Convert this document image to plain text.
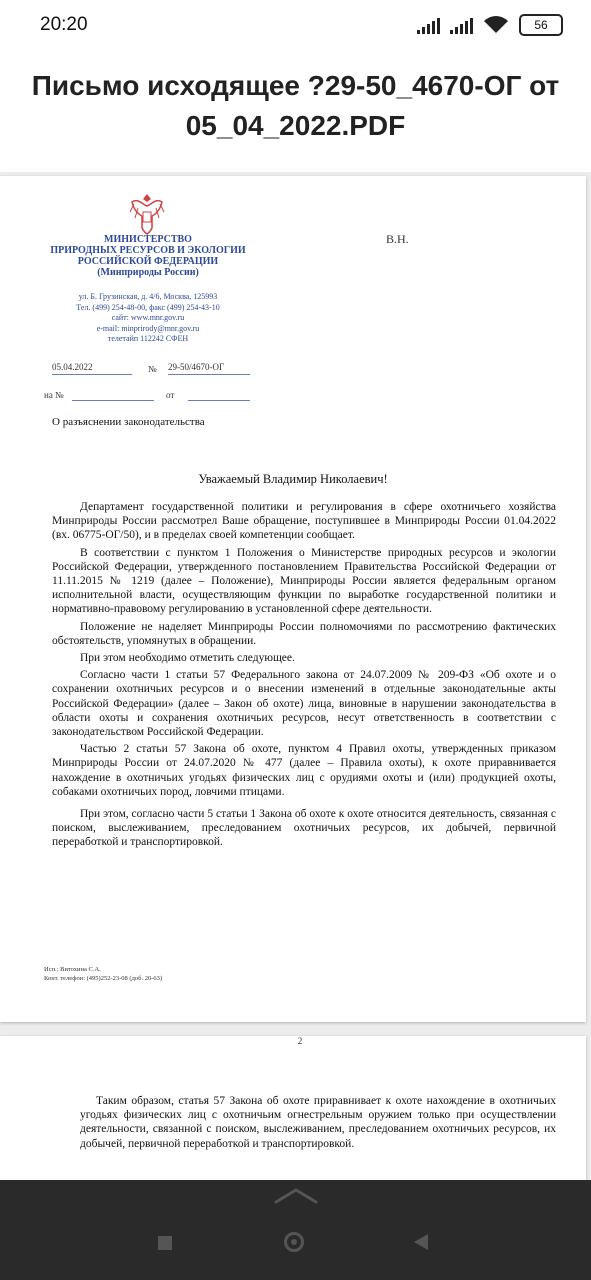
20:20	56
Письмо исходящее ?29-50_4670-ОГ от 05_04_2022.PDF
МИНИСТЕРСТВО
ПРИРОДНЫХ РЕСУРСОВ И ЭКОЛОГИИ
РОССИЙСКОЙ ФЕДЕРАЦИИ
(Минприроды России)
ул. Б. Грузинская, д. 4/6, Москва, 125993
Тел. (499) 254-48-00, факс (499) 254-43-10
сайт: www.mnr.gov.ru
e-mail: minprirody@mnr.gov.ru
телетайп 112242 СФЕН
В.Н.
05.04.2022	№ 29-50/4670-ОГ
на №	от
О разъяснении законодательства
Уважаемый Владимир Николаевич!

Департамент государственной политики и регулирования в сфере охотничьего хозяйства Минприроды России рассмотрел Ваше обращение, поступившее в Минприроды России 01.04.2022 (вх. 06775-ОГ/50), и в пределах своей компетенции сообщает.

В соответствии с пунктом 1 Положения о Министерстве природных ресурсов и экологии Российской Федерации, утвержденного постановлением Правительства Российской Федерации от 11.11.2015 № 1219 (далее – Положение), Минприроды России является федеральным органом исполнительной власти, осуществляющим функции по выработке государственной политики и нормативно-правовому регулированию в установленной сфере деятельности.

Положение не наделяет Минприроды России полномочиями по рассмотрению фактических обстоятельств, упомянутых в обращении.

При этом необходимо отметить следующее.

Согласно части 1 статьи 57 Федерального закона от 24.07.2009 № 209-ФЗ «Об охоте и о сохранении охотничьих ресурсов и о внесении изменений в отдельные законодательные акты Российской Федерации» (далее – Закон об охоте) лица, виновные в нарушении законодательства в области охоты и сохранения охотничьих ресурсов, несут ответственность в соответствии с законодательством Российской Федерации.

Частью 2 статьи 57 Закона об охоте, пунктом 4 Правил охоты, утвержденных приказом Минприроды России от 24.07.2020 № 477 (далее – Правила охоты), к охоте приравнивается нахождение в охотничьих угодьях физических лиц с орудиями охоты и (или) продукцией охоты, собаками охотничьих пород, ловчими птицами.

При этом, согласно части 5 статьи 1 Закона об охоте к охоте относится деятельность, связанная с поиском, выслеживанием, преследованием охотничьих ресурсов, их добычей, первичной переработкой и транспортировкой.

Исп.: Витохина С.А.
Конт. телефон: (495)252-23-08 (доб. 20-63)
2

Таким образом, статья 57 Закона об охоте приравнивает к охоте нахождение в охотничьих угодьях физических лиц с охотничьим огнестрельным оружием только при осуществлении деятельности, связанной с поиском, выслеживанием, преследованием охотничьих ресурсов, их добычей, первичной переработкой и транспортировкой.
